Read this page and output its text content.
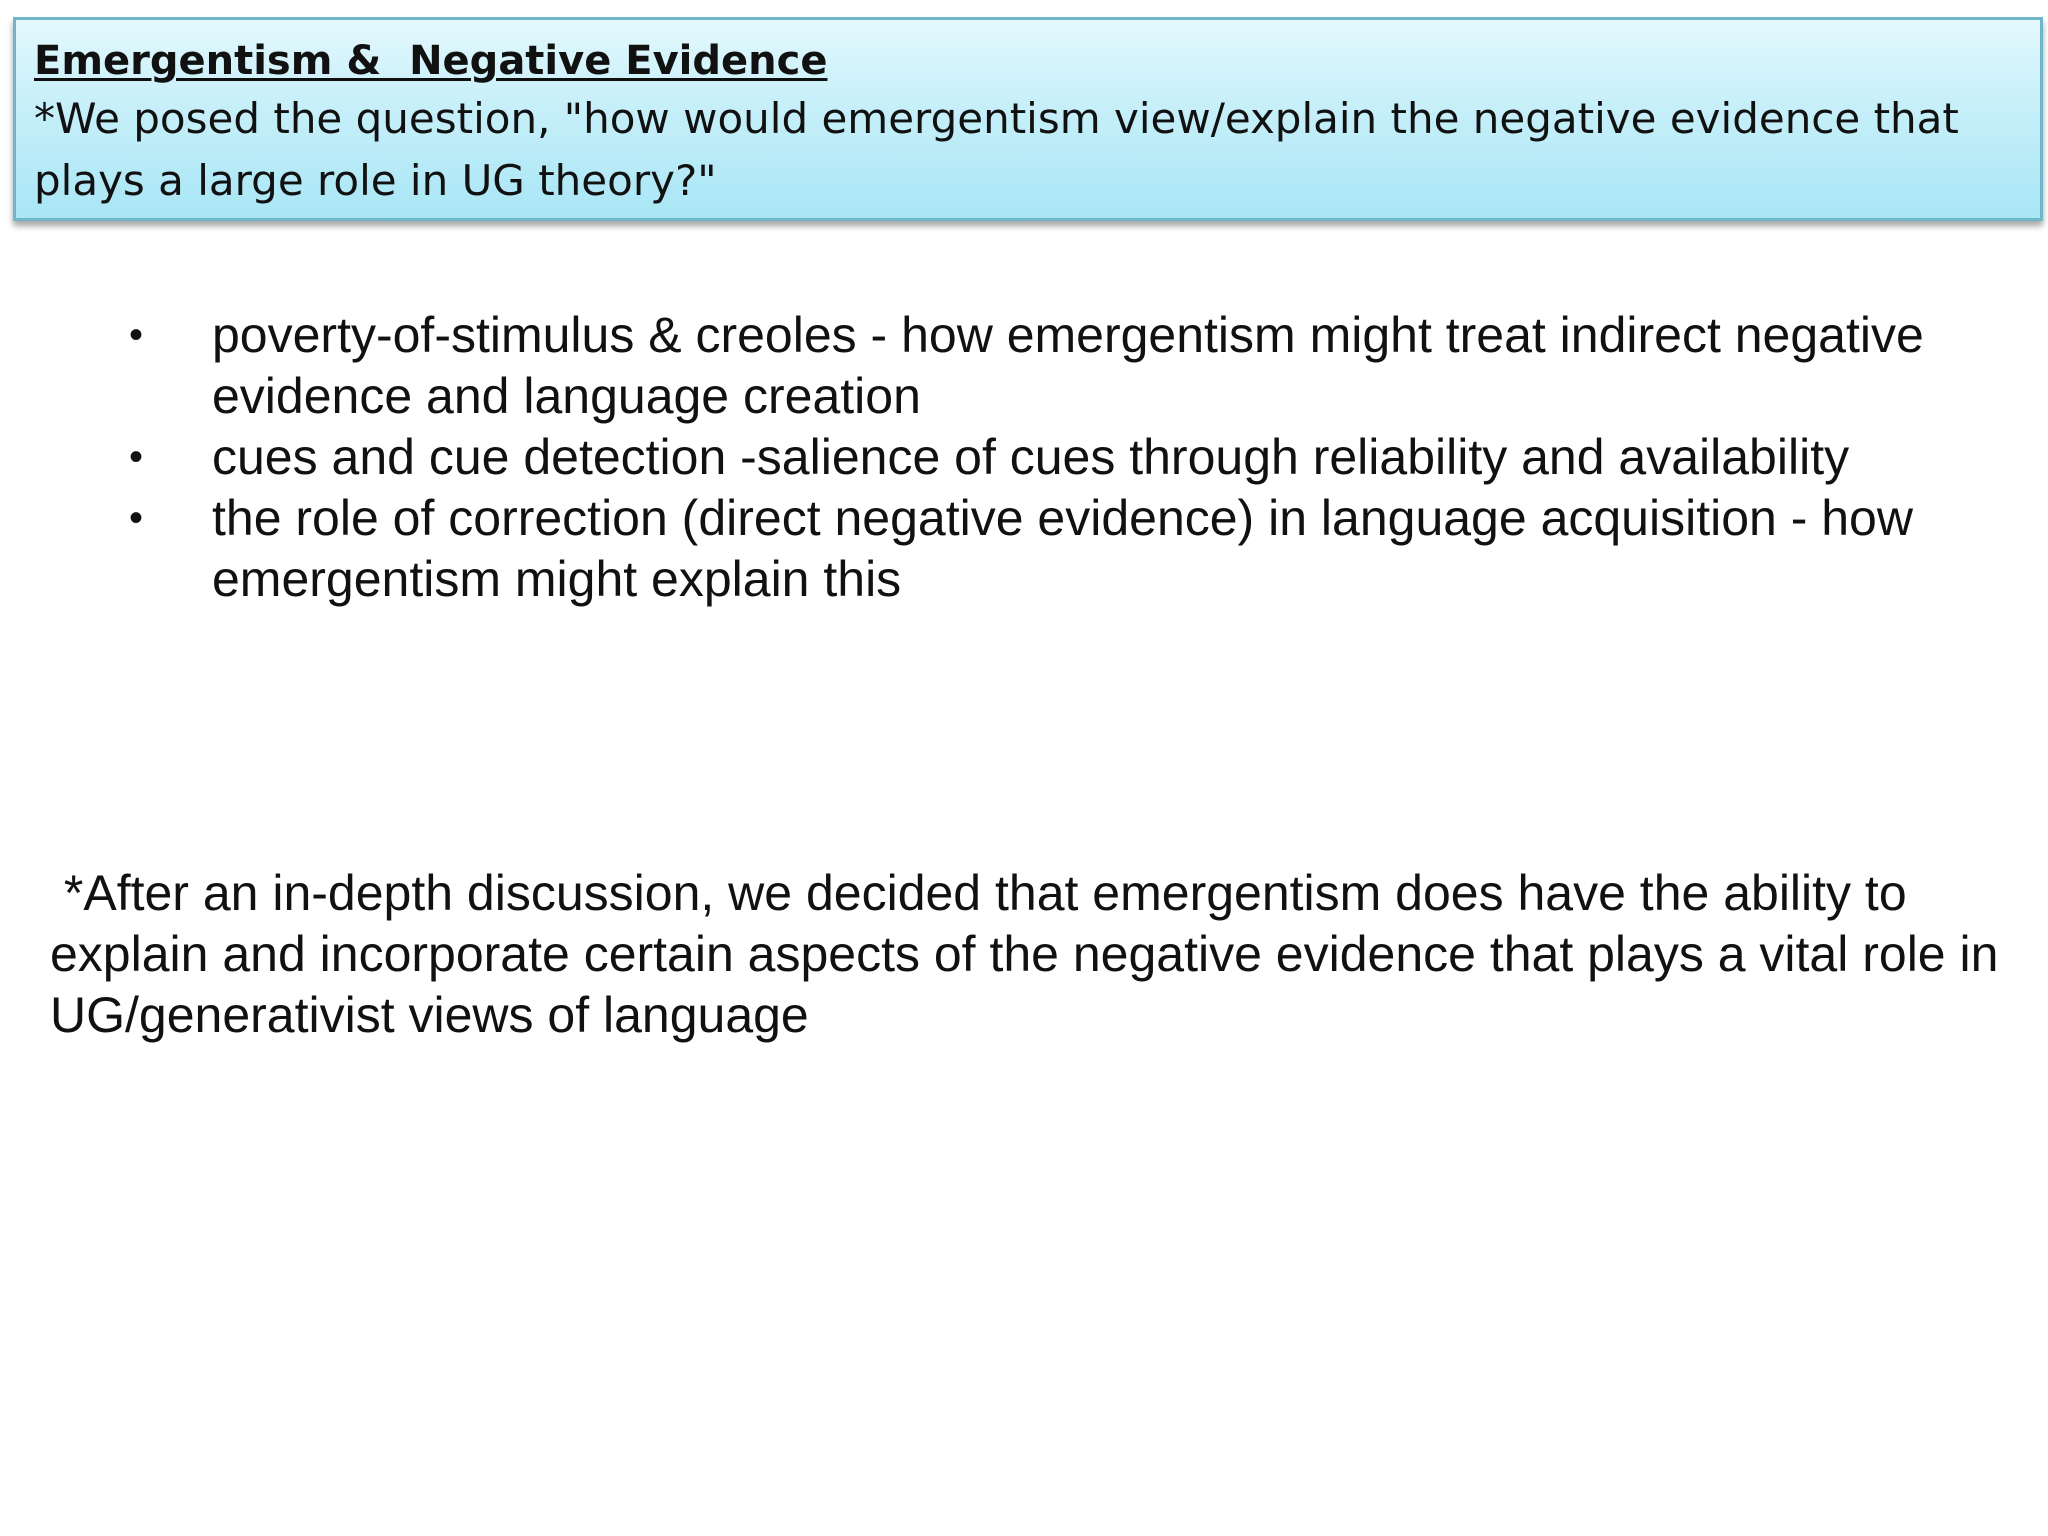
Emergentism &  Negative Evidence

*We posed the question, "how would emergentism view/explain the negative evidence that plays a large role in UG theory?"

• poverty-of-stimulus & creoles - how emergentism might treat indirect negative evidence and language creation
• cues and cue detection -salience of cues through reliability and availability
• the role of correction (direct negative evidence) in language acquisition - how emergentism might explain this

*After an in-depth discussion, we decided that emergentism does have the ability to explain and incorporate certain aspects of the negative evidence that plays a vital role in UG/generativist views of language
